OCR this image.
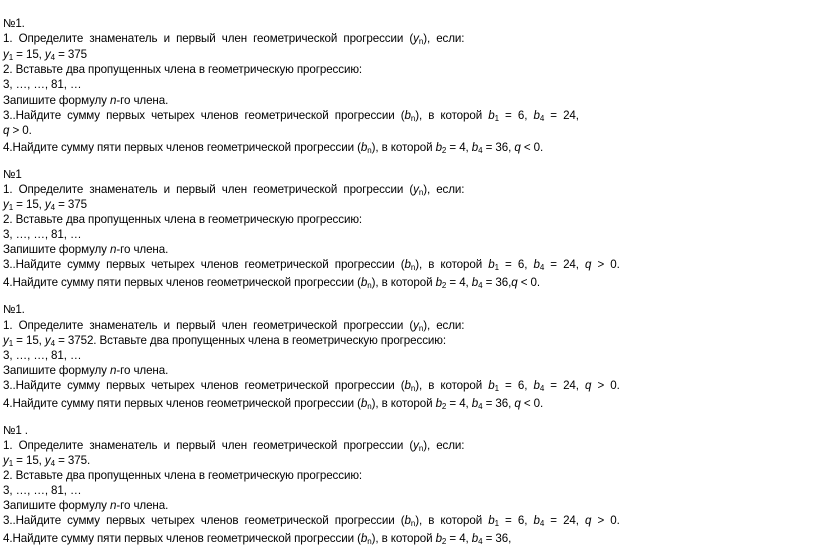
№1.
1. Определите знаменатель и первый член геометрической прогрессии $(y_n)$, если:
$y_1 = 15$, $y_4 = 375$
2. Вставьте два пропущенных члена в геометрическую прогрессию:
3, …, …, 81, …
Запишите формулу n-го члена.
3..Найдите сумму первых четырех членов геометрической прогрессии $(b_n)$, в которой $b_1 = 6$, $b_4 = 24$,
q > 0.
4.Найдите сумму пяти первых членов геометрической прогрессии $(b_n)$, в которой $b_2 = 4$, $b_4 = 36$, q < 0.
№1
1. Определите знаменатель и первый член геометрической прогрессии $(y_n)$, если:
$y_1 = 15$, $y_4 = 375$
2. Вставьте два пропущенных члена в геометрическую прогрессию:
3, …, …, 81, …
Запишите формулу n-го члена.
3..Найдите сумму первых четырех членов геометрической прогрессии $(b_n)$, в которой $b_1 = 6$, $b_4 = 24$, q > 0.
4.Найдите сумму пяти первых членов геометрической прогрессии $(b_n)$, в которой $b_2 = 4$, $b_4 = 36,q < 0$.
№1.
1. Определите знаменатель и первый член геометрической прогрессии $(y_n)$, если:
$y_1 = 15$, $y_4 = 3752$. Вставьте два пропущенных члена в геометрическую прогрессию:
3, …, …, 81, …
Запишите формулу n-го члена.
3..Найдите сумму первых четырех членов геометрической прогрессии $(b_n)$, в которой $b_1 = 6$, $b_4 = 24$, q > 0.
4.Найдите сумму пяти первых членов геометрической прогрессии $(b_n)$, в которой $b_2 = 4$, $b_4 = 36$, q < 0.
№1 .
1. Определите знаменатель и первый член геометрической прогрессии $(y_n)$, если:
$y_1 = 15$, $y_4 = 375$.
2. Вставьте два пропущенных члена в геометрическую прогрессию:
3, …, …, 81, …
Запишите формулу n-го члена.
3..Найдите сумму первых четырех членов геометрической прогрессии $(b_n)$, в которой $b_1 = 6$, $b_4 = 24$, q > 0.
4.Найдите сумму пяти первых членов геометрической прогрессии $(b_n)$, в которой $b_2 = 4$, $b_4 = 36$,
